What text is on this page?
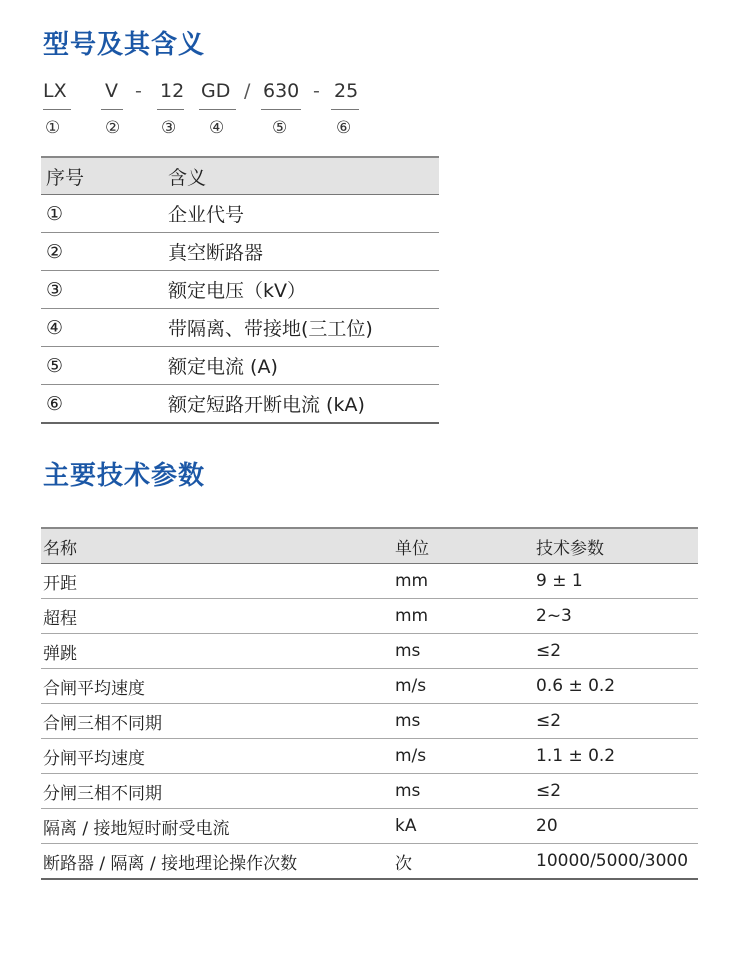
型号及其含义
LX V - 12 GD / 630 - 25
①	② ③ ④	⑤	⑥
序号	含义
①	企业代号
②	真空断路器
③	额定电压（kV）
④	带隔离、带接地(三工位)
⑤	额定电流 (A)
⑥	额定短路开断电流 (kA)
主要技术参数
名称	单位	技术参数
开距	mm	9 ± 1
超程	mm	2~3
弹跳	ms	≤2
合闸平均速度	m/s	0.6 ± 0.2
合闸三相不同期	ms	≤2
分闸平均速度	m/s	1.1 ± 0.2
分闸三相不同期	ms	≤2
隔离 / 接地短时耐受电流	kA	20
断路器 / 隔离 / 接地理论操作次数	次	10000/5000/3000
